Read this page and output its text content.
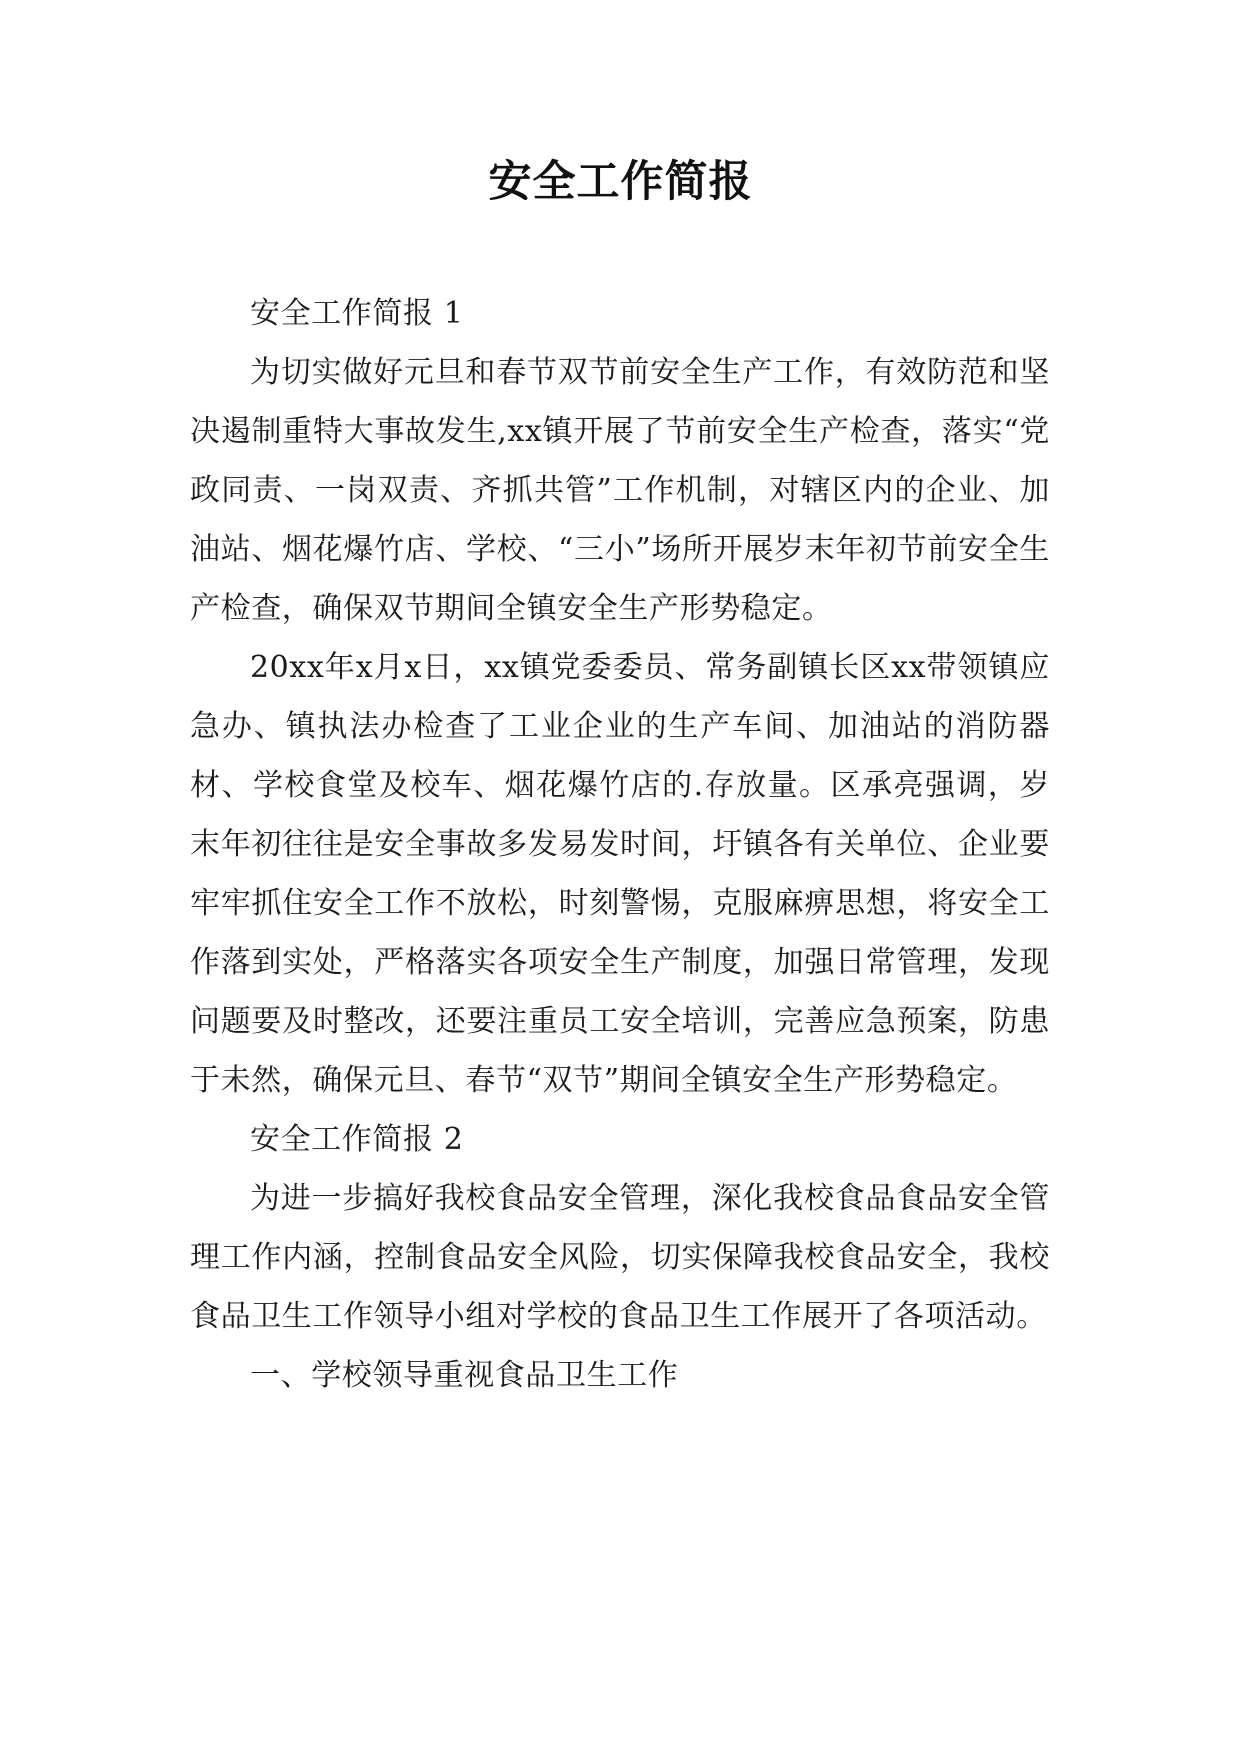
安全工作简报

安全工作简报 1

为切实做好元旦和春节双节前安全生产工作，有效防范和坚决遏制重特大事故发生,xx镇开展了节前安全生产检查，落实“党政同责、一岗双责、齐抓共管”工作机制，对辖区内的企业、加油站、烟花爆竹店、学校、“三小”场所开展岁末年初节前安全生产检查，确保双节期间全镇安全生产形势稳定。

20xx年x月x日，xx镇党委委员、常务副镇长区xx带领镇应急办、镇执法办检查了工业企业的生产车间、加油站的消防器材、学校食堂及校车、烟花爆竹店的.存放量。区承亮强调，岁末年初往往是安全事故多发易发时间，圩镇各有关单位、企业要牢牢抓住安全工作不放松，时刻警惕，克服麻痹思想，将安全工作落到实处，严格落实各项安全生产制度，加强日常管理，发现问题要及时整改，还要注重员工安全培训，完善应急预案，防患于未然，确保元旦、春节“双节”期间全镇安全生产形势稳定。

安全工作简报 2

为进一步搞好我校食品安全管理，深化我校食品食品安全管理工作内涵，控制食品安全风险，切实保障我校食品安全，我校食品卫生工作领导小组对学校的食品卫生工作展开了各项活动。

一、学校领导重视食品卫生工作
